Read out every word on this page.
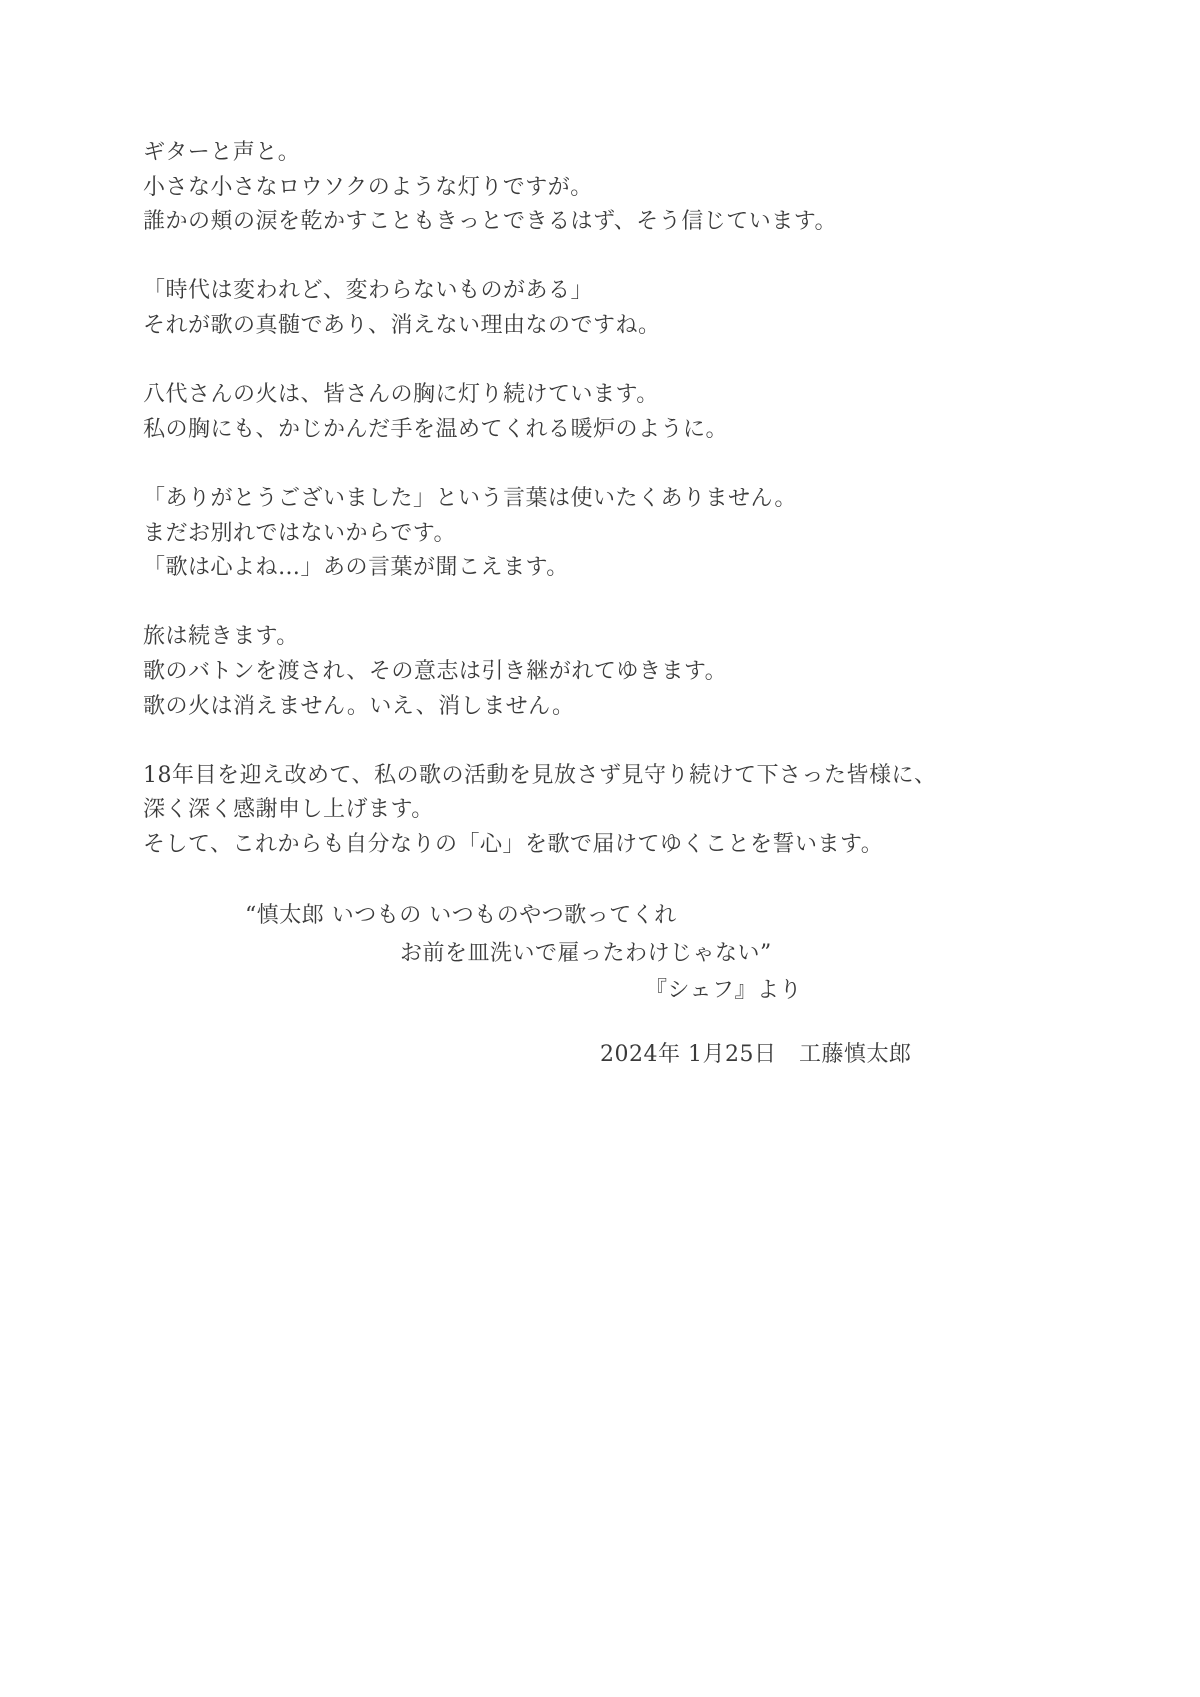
ギターと声と。
小さな小さなロウソクのような灯りですが。
誰かの頬の涙を乾かすこともきっとできるはず、そう信じています。

「時代は変われど、変わらないものがある」
それが歌の真髄であり、消えない理由なのですね。

八代さんの火は、皆さんの胸に灯り続けています。
私の胸にも、かじかんだ手を温めてくれる暖炉のように。

「ありがとうございました」という言葉は使いたくありません。
まだお別れではないからです。
「歌は心よね…」あの言葉が聞こえます。

旅は続きます。
歌のバトンを渡され、その意志は引き継がれてゆきます。
歌の火は消えません。いえ、消しません。

18年目を迎え改めて、私の歌の活動を見放さず見守り続けて下さった皆様に、
深く深く感謝申し上げます。
そして、これからも自分なりの「心」を歌で届けてゆくことを誓います。

“慎太郎 いつもの いつものやつ歌ってくれ
お前を皿洗いで雇ったわけじゃない”
『シェフ』より
2024年 1月25日　工藤慎太郎
